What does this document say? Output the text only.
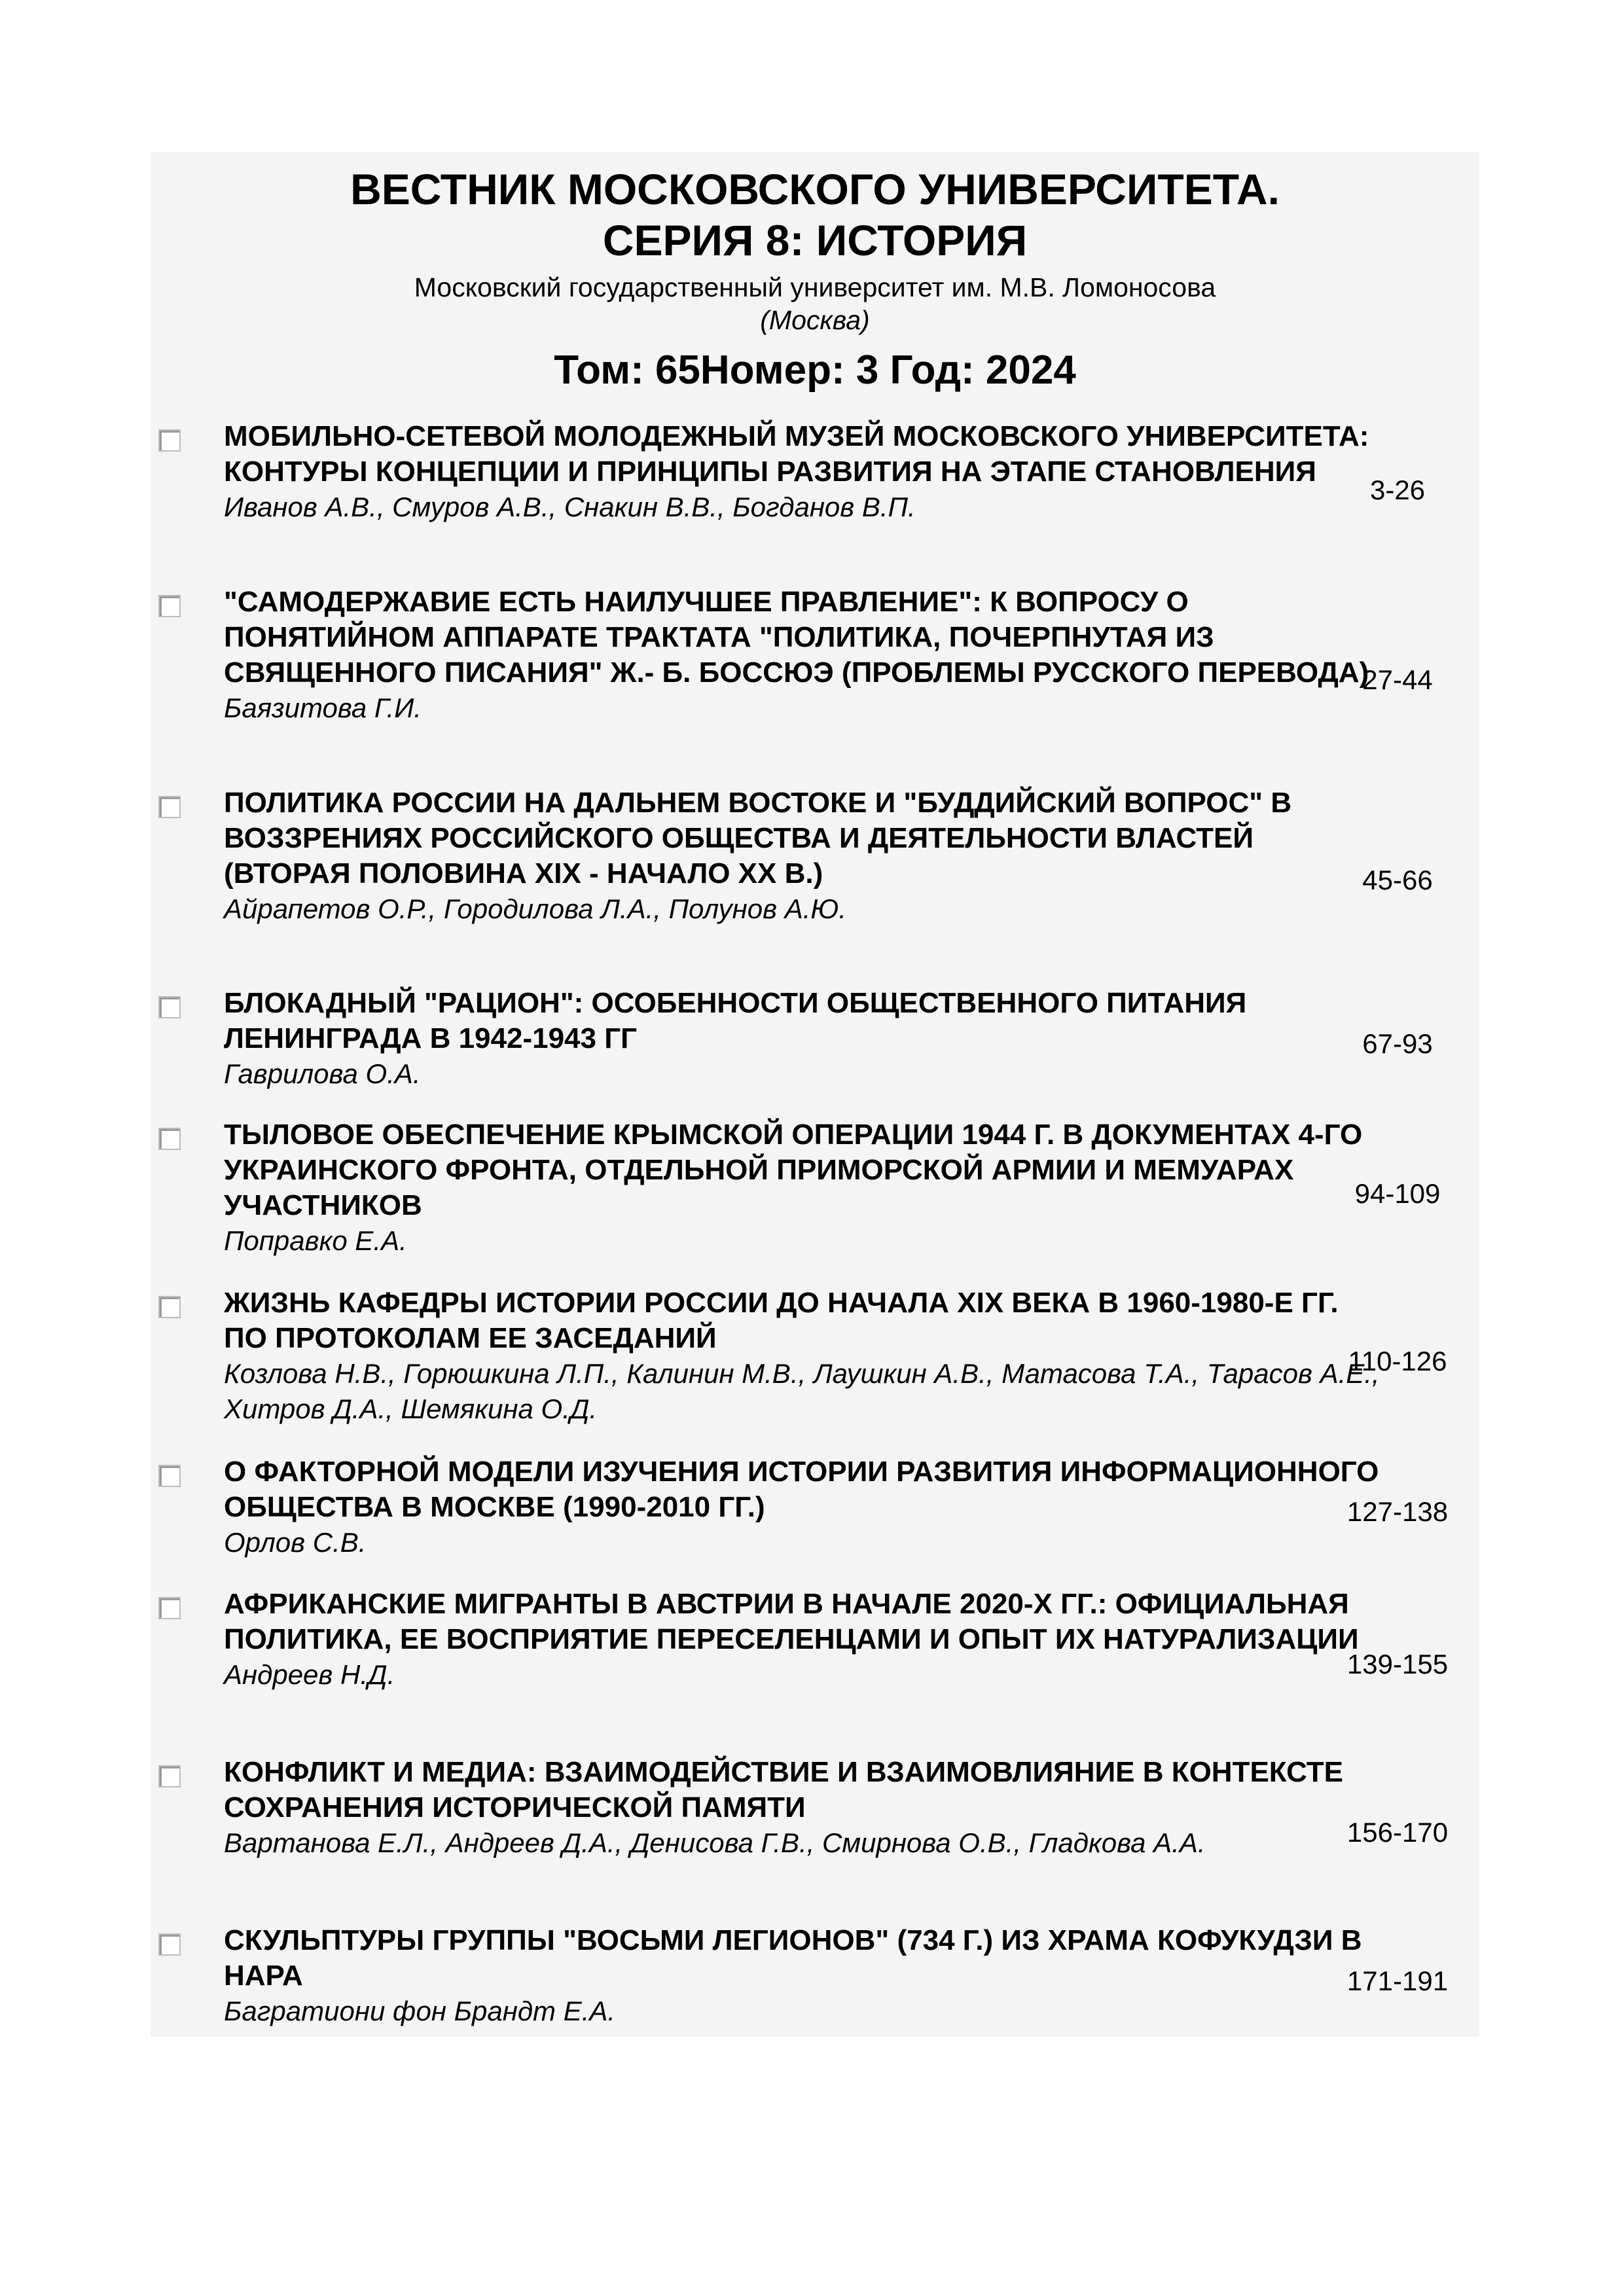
ВЕСТНИК МОСКОВСКОГО УНИВЕРСИТЕТА.
СЕРИЯ 8: ИСТОРИЯ
Московский государственный университет им. М.В. Ломоносова
(Москва)
Том: 65Номер: 3 Год: 2024
МОБИЛЬНО-СЕТЕВОЙ МОЛОДЕЖНЫЙ МУЗЕЙ МОСКОВСКОГО УНИВЕРСИТЕТА: КОНТУРЫ КОНЦЕПЦИИ И ПРИНЦИПЫ РАЗВИТИЯ НА ЭТАПЕ СТАНОВЛЕНИЯ
Иванов А.В., Смуров А.В., Снакин В.В., Богданов В.П.
3-26
"САМОДЕРЖАВИЕ ЕСТЬ НАИЛУЧШЕЕ ПРАВЛЕНИЕ": К ВОПРОСУ О ПОНЯТИЙНОМ АППАРАТЕ ТРАКТАТА "ПОЛИТИКА, ПОЧЕРПНУТАЯ ИЗ СВЯЩЕННОГО ПИСАНИЯ" Ж.- Б. БОССЮЭ (ПРОБЛЕМЫ РУССКОГО ПЕРЕВОДА)
Баязитова Г.И.
27-44
ПОЛИТИКА РОССИИ НА ДАЛЬНЕМ ВОСТОКЕ И "БУДДИЙСКИЙ ВОПРОС" В ВОЗЗРЕНИЯХ РОССИЙСКОГО ОБЩЕСТВА И ДЕЯТЕЛЬНОСТИ ВЛАСТЕЙ (ВТОРАЯ ПОЛОВИНА XIX - НАЧАЛО XX В.)
Айрапетов О.Р., Городилова Л.А., Полунов А.Ю.
45-66
БЛОКАДНЫЙ "РАЦИОН": ОСОБЕННОСТИ ОБЩЕСТВЕННОГО ПИТАНИЯ ЛЕНИНГРАДА В 1942-1943 ГГ
Гаврилова О.А.
67-93
ТЫЛОВОЕ ОБЕСПЕЧЕНИЕ КРЫМСКОЙ ОПЕРАЦИИ 1944 Г. В ДОКУМЕНТАХ 4-ГО УКРАИНСКОГО ФРОНТА, ОТДЕЛЬНОЙ ПРИМОРСКОЙ АРМИИ И МЕМУАРАХ УЧАСТНИКОВ
Поправко Е.А.
94-109
ЖИЗНЬ КАФЕДРЫ ИСТОРИИ РОССИИ ДО НАЧАЛА XIX ВЕКА В 1960-1980-Е ГГ. ПО ПРОТОКОЛАМ ЕЕ ЗАСЕДАНИЙ
Козлова Н.В., Горюшкина Л.П., Калинин М.В., Лаушкин А.В., Матасова Т.А., Тарасов А.Е., Хитров Д.А., Шемякина О.Д.
110-126
О ФАКТОРНОЙ МОДЕЛИ ИЗУЧЕНИЯ ИСТОРИИ РАЗВИТИЯ ИНФОРМАЦИОННОГО ОБЩЕСТВА В МОСКВЕ (1990-2010 ГГ.)
Орлов С.В.
127-138
АФРИКАНСКИЕ МИГРАНТЫ В АВСТРИИ В НАЧАЛЕ 2020-Х ГГ.: ОФИЦИАЛЬНАЯ ПОЛИТИКА, ЕЕ ВОСПРИЯТИЕ ПЕРЕСЕЛЕНЦАМИ И ОПЫТ ИХ НАТУРАЛИЗАЦИИ
Андреев Н.Д.	139-155
КОНФЛИКТ И МЕДИА: ВЗАИМОДЕЙСТВИЕ И ВЗАИМОВЛИЯНИЕ В КОНТЕКСТЕ СОХРАНЕНИЯ ИСТОРИЧЕСКОЙ ПАМЯТИ
Вартанова Е.Л., Андреев Д.А., Денисова Г.В., Смирнова О.В., Гладкова А.А.	156-170
СКУЛЬПТУРЫ ГРУППЫ "ВОСЬМИ ЛЕГИОНОВ" (734 Г.) ИЗ ХРАМА КОФУКУДЗИ В НАРА
Багратиони фон Брандт Е.А.
171-191
